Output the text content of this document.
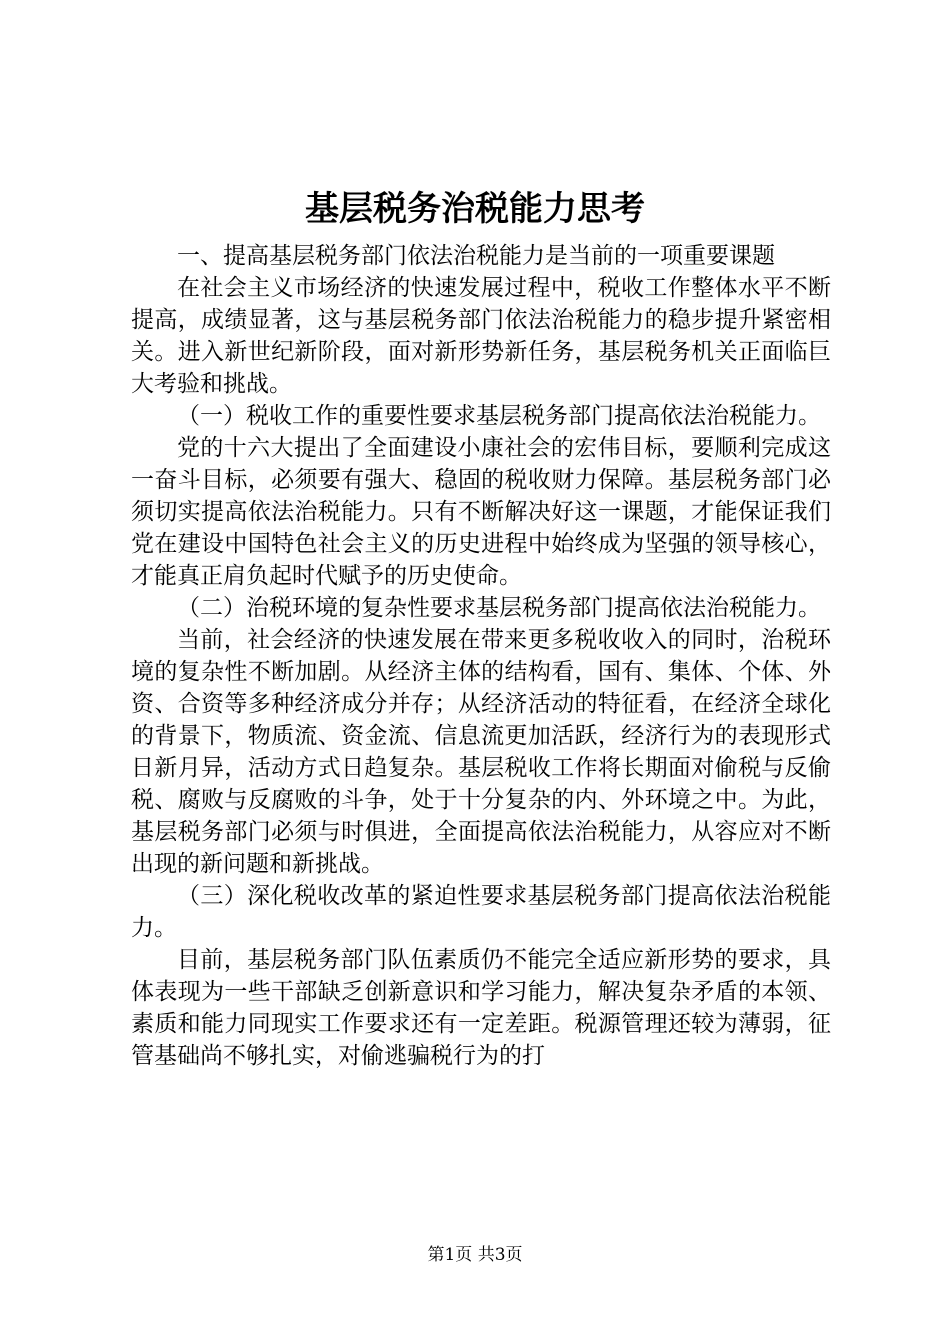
基层税务治税能力思考

一、提高基层税务部门依法治税能力是当前的一项重要课题

在社会主义市场经济的快速发展过程中，税收工作整体水平不断提高，成绩显著，这与基层税务部门依法治税能力的稳步提升紧密相关。进入新世纪新阶段，面对新形势新任务，基层税务机关正面临巨大考验和挑战。

（一）税收工作的重要性要求基层税务部门提高依法治税能力。

党的十六大提出了全面建设小康社会的宏伟目标，要顺利完成这一奋斗目标，必须要有强大、稳固的税收财力保障。基层税务部门必须切实提高依法治税能力。只有不断解决好这一课题，才能保证我们党在建设中国特色社会主义的历史进程中始终成为坚强的领导核心，才能真正肩负起时代赋予的历史使命。

（二）治税环境的复杂性要求基层税务部门提高依法治税能力。

当前，社会经济的快速发展在带来更多税收收入的同时，治税环境的复杂性不断加剧。从经济主体的结构看，国有、集体、个体、外资、合资等多种经济成分并存；从经济活动的特征看，在经济全球化的背景下，物质流、资金流、信息流更加活跃，经济行为的表现形式日新月异，活动方式日趋复杂。基层税收工作将长期面对偷税与反偷税、腐败与反腐败的斗争，处于十分复杂的内、外环境之中。为此，基层税务部门必须与时俱进，全面提高依法治税能力，从容应对不断出现的新问题和新挑战。

（三）深化税收改革的紧迫性要求基层税务部门提高依法治税能力。

目前，基层税务部门队伍素质仍不能完全适应新形势的要求，具体表现为一些干部缺乏创新意识和学习能力，解决复杂矛盾的本领、素质和能力同现实工作要求还有一定差距。税源管理还较为薄弱，征管基础尚不够扎实，对偷逃骗税行为的打

第1页 共3页
